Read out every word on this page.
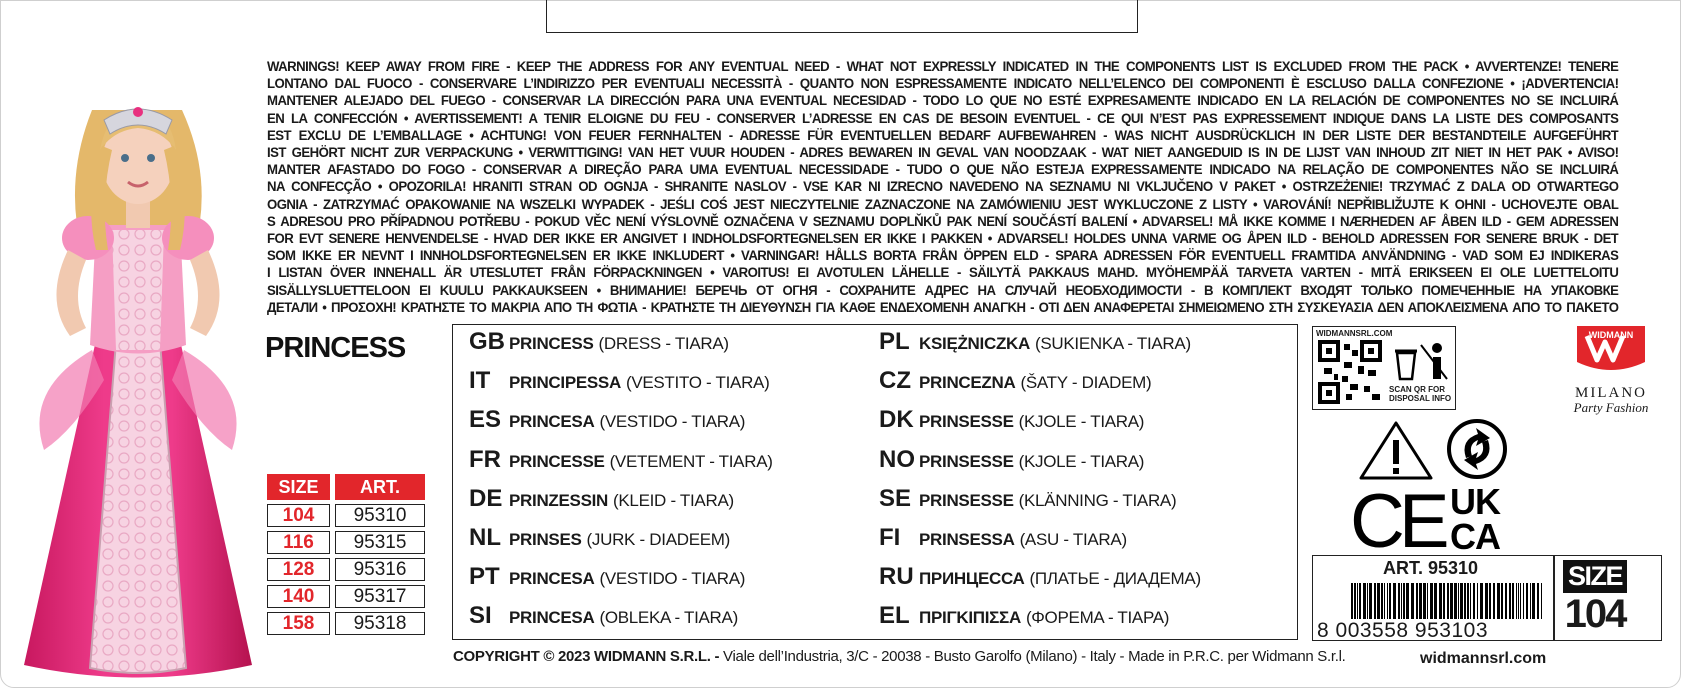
WARNINGS! KEEP AWAY FROM FIRE - KEEP THE ADDRESS FOR ANY EVENTUAL NEED - WHAT NOT EXPRESSLY INDICATED IN THE COMPONENTS LIST IS EXCLUDED FROM THE PACK • AVVERTENZE! TENERE
LONTANO DAL FUOCO - CONSERVARE L’INDIRIZZO PER EVENTUALI NECESSITÀ - QUANTO NON ESPRESSAMENTE INDICATO NELL’ELENCO DEI COMPONENTI È ESCLUSO DALLA CONFEZIONE • ¡ADVERTENCIA!
MANTENER ALEJADO DEL FUEGO - CONSERVAR LA DIRECCIÓN PARA UNA EVENTUAL NECESIDAD - TODO LO QUE NO ESTÉ EXPRESAMENTE INDICADO EN LA RELACIÓN DE COMPONENTES NO SE INCLUIRÁ
EN LA CONFECCIÓN • AVERTISSEMENT! A TENIR ELOIGNE DU FEU - CONSERVER L’ADRESSE EN CAS DE BESOIN EVENTUEL - CE QUI N’EST PAS EXPRESSEMENT INDIQUE DANS LA LISTE DES COMPOSANTS
EST EXCLU DE L’EMBALLAGE • ACHTUNG! VON FEUER FERNHALTEN - ADRESSE FÜR EVENTUELLEN BEDARF AUFBEWAHREN - WAS NICHT AUSDRÜCKLICH IN DER LISTE DER BESTANDTEILE AUFGEFÜHRT
IST GEHÖRT NICHT ZUR VERPACKUNG • VERWITTIGING! VAN HET VUUR HOUDEN - ADRES BEWAREN IN GEVAL VAN NOODZAAK - WAT NIET AANGEDUID IS IN DE LIJST VAN INHOUD ZIT NIET IN HET PAK • AVISO!
MANTER AFASTADO DO FOGO - CONSERVAR A DIREÇÃO PARA UMA EVENTUAL NECESSIDADE - TUDO O QUE NÃO ESTEJA EXPRESSAMENTE INDICADO NA RELAÇÃO DE COMPONENTES NÃO SE INCLUIRÁ
NA CONFECÇÃO • OPOZORILA! HRANITI STRAN OD OGNJA - SHRANITE NASLOV - VSE KAR NI IZRECNO NAVEDENO NA SEZNAMU NI VKLJUČENO V PAKET • OSTRZEŻENIE! TRZYMAĆ Z DALA OD OTWARTEGO
OGNIA - ZATRZYMAĆ OPAKOWANIE NA WSZELKI WYPADEK - JEŚLI COŚ JEST NIECZYTELNIE ZAZNACZONE NA ZAMÓWIENIU JEST WYKLUCZONE Z LISTY • VAROVÁNÍ! NEPŘIBLIŽUJTE K OHNI - UCHOVEJTE OBAL
S ADRESOU PRO PŘÍPADNOU POTŘEBU - POKUD VĚC NENÍ VÝSLOVNĚ OZNAČENA V SEZNAMU DOPLŇKŮ PAK NENÍ SOUČÁSTÍ BALENÍ • ADVARSEL! MÅ IKKE KOMME I NÆRHEDEN AF ÅBEN ILD - GEM ADRESSEN
FOR EVT SENERE HENVENDELSE - HVAD DER IKKE ER ANGIVET I INDHOLDSFORTEGNELSEN ER IKKE I PAKKEN • ADVARSEL! HOLDES UNNA VARME OG ÅPEN ILD - BEHOLD ADRESSEN FOR SENERE BRUK - DET
SOM IKKE ER NEVNT I INNHOLDSFORTEGNELSEN ER IKKE INKLUDERT • VARNINGAR! HÅLLS BORTA FRÅN ÖPPEN ELD - SPARA ADRESSEN FÖR EVENTUELL FRAMTIDA ANVÄNDNING - VAD SOM EJ INDIKERAS
I LISTAN ÖVER INNEHALL ÄR UTESLUTET FRÅN FÖRPACKNINGEN • VAROITUS! EI AVOTULEN LÄHELLE - SÄILYTÄ PAKKAUS MAHD. MYÖHEMPÄÄ TARVETA VARTEN - MITÄ ERIKSEEN EI OLE LUETTELOITU
SISÄLLYSLUETTELOON EI KUULU PAKKAUKSEEN • ВНИМАНИЕ! БЕРЕЧЬ ОТ ОГНЯ - СОХРАНИТЕ АДРЕС НА СЛУЧАЙ НЕОБХОДИМОСТИ - В КОМПЛЕКТ ВХОДЯТ ТОЛЬКО ПОМЕЧЕННЫЕ НА УПАКОВКЕ
ДЕТАЛИ • ΠΡΟΣΟΧΗ! ΚΡΑΤΗΣΤΕ ΤΟ ΜΑΚΡΙΑ ΑΠΟ ΤΗ ΦΩΤΙΑ - ΚΡΑΤΗΣΤΕ ΤΗ ΔΙΕΥΘΥΝΣΗ ΓΙΑ ΚΑΘΕ ΕΝΔΕΧΟΜΕΝΗ ΑΝΑΓΚΗ - ΟΤΙ ΔΕΝ ΑΝΑΦΕΡΕΤΑΙ ΣΗΜΕΙΩΜΕΝΟ ΣΤΗ ΣΥΣΚΕΥΑΣΙΑ ΔΕΝ ΑΠΟΚΛΕΙΣΜΕΝΑ ΑΠΟ ΤΟ ΠΑΚΕΤΟ
PRINCESS
SIZE	ART.
104	95310
116	95315
128	95316
140	95317
158	95318
GB PRINCESS (DRESS - TIARA)
IT	PRINCIPESSA (VESTITO - TIARA)
ES PRINCESA (VESTIDO - TIARA)
FR PRINCESSE (VETEMENT - TIARA)
DE PRINZESSIN (KLEID - TIARA)
NL PRINSES (JURK - DIADEEM)
PT PRINCESA (VESTIDO - TIARA)
SI	PRINCESA (OBLEKA - TIARA)
PL KSIĘŻNICZKA (SUKIENKA - TIARA)
CZ PRINCEZNA (ŠATY - DIADEM)
DK PRINSESSE (KJOLE - TIARA)
NO PRINSESSE (KJOLE - TIARA)
SE PRINSESSE (KLÄNNING - TIARA)
FI	PRINSESSA (ASU - TIARA)
RU ПРИНЦЕССА (ПЛАТЬЕ - ДИАДЕМА)
EL ΠΡΙΓΚΙΠΙΣΣΑ (ΦΟΡΕΜΑ - ΤΙΑΡΑ)
COPYRIGHT © 2023 WIDMANN S.R.L. - Viale dell’Industria, 3/C - 20038 - Busto Garolfo (Milano) - Italy - Made in P.R.C. per Widmann S.r.l.
WIDMANNSRL.COM
SCAN QR FOR
DISPOSAL INFO
WIDMANN
MILANO
Party Fashion
CE UK
CA
ART. 95310
8 003558 953103
SIZE
104
widmannsrl.com
